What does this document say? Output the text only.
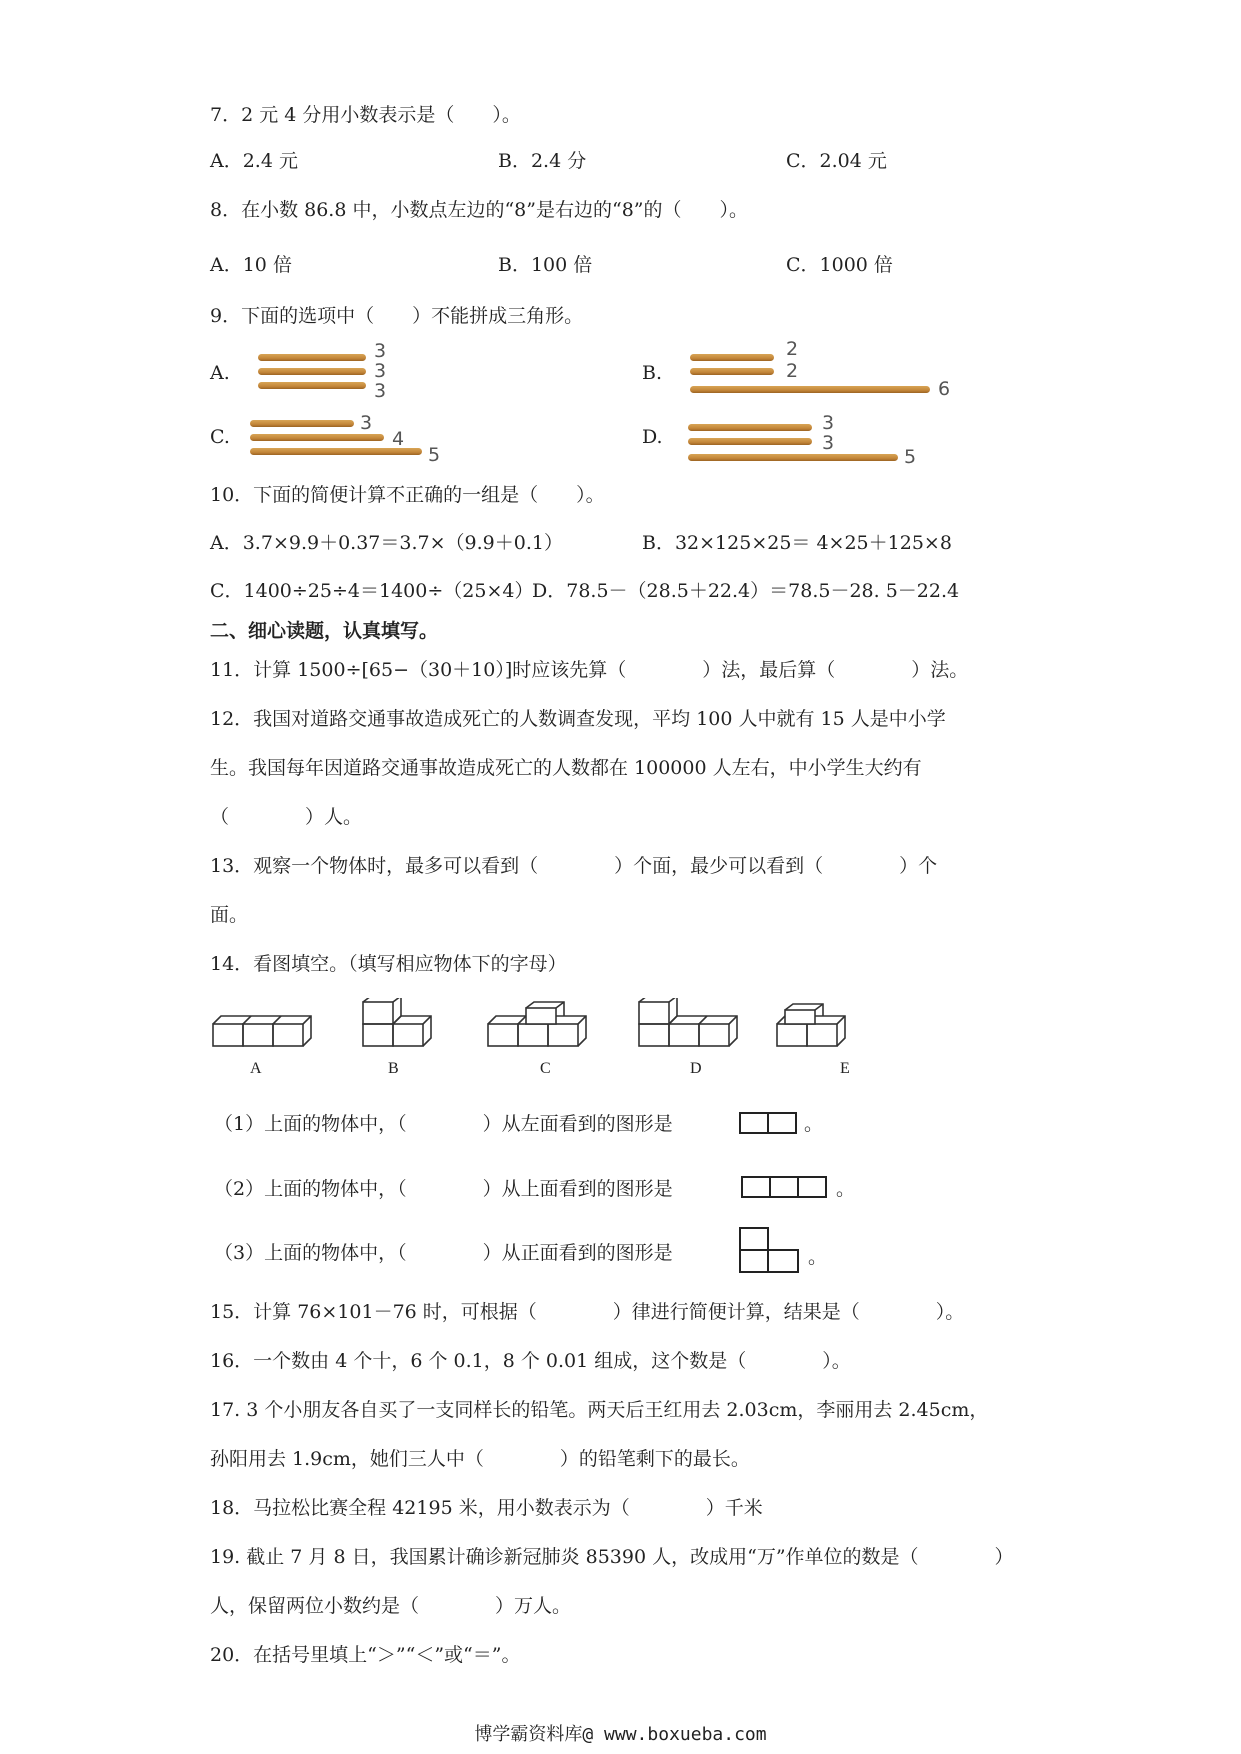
7．2 元 4 分用小数表示是（　　）。
A．2.4 元	B．2.4 分	C．2.04 元
8．在小数 86.8 中，小数点左边的“8”是右边的“8”的（　　）。
A．10 倍	B．100 倍	C．1000 倍
9．下面的选项中（　　）不能拼成三角形。
A.
3
3
3
B.
2
2
6
C.
3
4
5
D.
3
3
5
10．下面的简便计算不正确的一组是（　　）。
A．3.7×9.9＋0.37＝3.7×（9.9＋0.1）	B．32×125×25＝ 4×25＋125×8
C．1400÷25÷4＝1400÷（25×4）
D．78.5－（28.5＋22.4）＝78.5－28. 5－22.4
二、细心读题，认真填写。
11．计算 1500÷[65−（30＋10）]时应该先算（　　　　）法，最后算（　　　　）法。
12．我国对道路交通事故造成死亡的人数调查发现，平均 100 人中就有 15 人是中小学
生。我国每年因道路交通事故造成死亡的人数都在 100000 人左右，中小学生大约有
（　　　　）人。
13．观察一个物体时，最多可以看到（　　　　）个面，最少可以看到（　　　　）个
面。
14．看图填空。（填写相应物体下的字母）
A	B	C	D	E
（1）上面的物体中，（　　　　）从左面看到的图形是	。
（2）上面的物体中，（　　　　）从上面看到的图形是	。
（3）上面的物体中，（　　　　）从正面看到的图形是	。
15．计算 76×101－76 时，可根据（　　　　）律进行简便计算，结果是（　　　　）。
16．一个数由 4 个十，6 个 0.1，8 个 0.01 组成，这个数是（　　　　）。
17. 3 个小朋友各自买了一支同样长的铅笔。两天后王红用去 2.03cm，李丽用去 2.45cm，
孙阳用去 1.9cm，她们三人中（　　　　）的铅笔剩下的最长。
18．马拉松比赛全程 42195 米，用小数表示为（　　　　）千米
19. 截止 7 月 8 日，我国累计确诊新冠肺炎 85390 人，改成用“万”作单位的数是（　　　　）
人，保留两位小数约是（　　　　）万人。
20．在括号里填上“＞”“＜”或“＝”。
博学霸资料库@ www.boxueba.com
